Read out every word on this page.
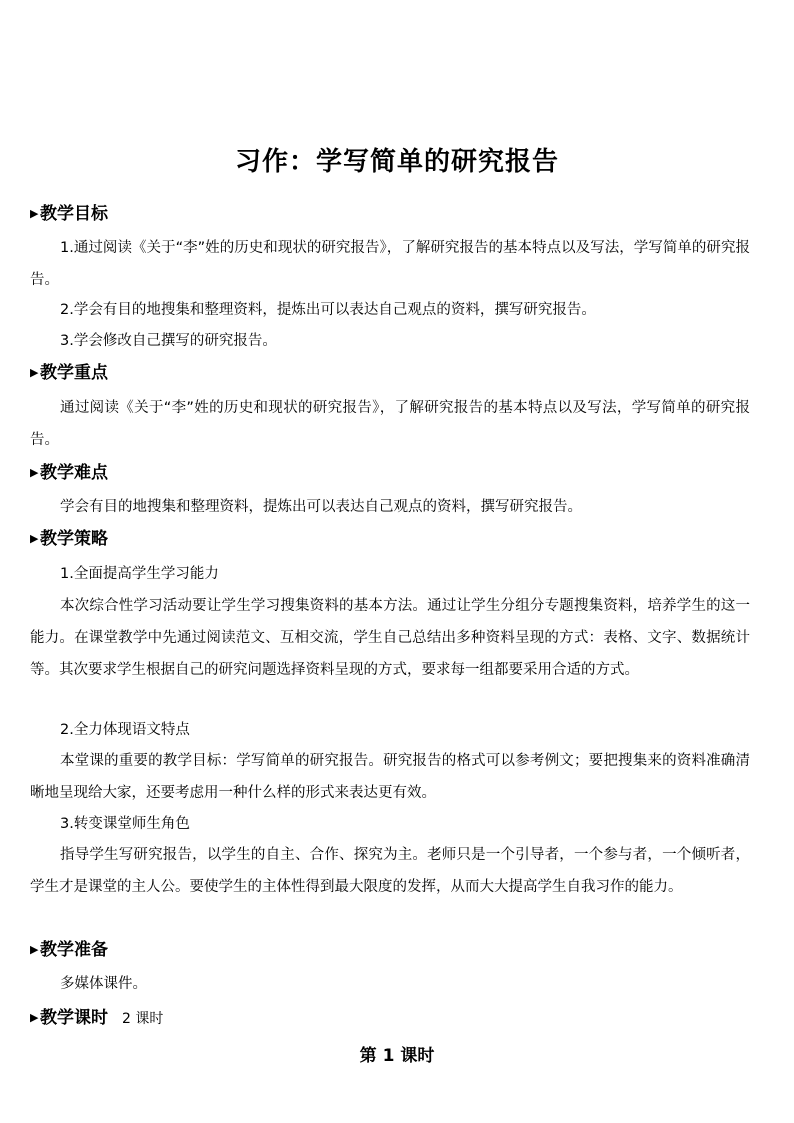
习作：学写简单的研究报告
▶教学目标
1.通过阅读《关于“李”姓的历史和现状的研究报告》，了解研究报告的基本特点以及写法，学写简单的研究报告。
2.学会有目的地搜集和整理资料，提炼出可以表达自己观点的资料，撰写研究报告。
3.学会修改自己撰写的研究报告。
▶教学重点
通过阅读《关于“李”姓的历史和现状的研究报告》，了解研究报告的基本特点以及写法，学写简单的研究报告。
▶教学难点
学会有目的地搜集和整理资料，提炼出可以表达自己观点的资料，撰写研究报告。
▶教学策略
1.全面提高学生学习能力
本次综合性学习活动要让学生学习搜集资料的基本方法。通过让学生分组分专题搜集资料，培养学生的这一能力。在课堂教学中先通过阅读范文、互相交流，学生自己总结出多种资料呈现的方式：表格、文字、数据统计等。其次要求学生根据自己的研究问题选择资料呈现的方式，要求每一组都要采用合适的方式。
2.全力体现语文特点
本堂课的重要的教学目标：学写简单的研究报告。研究报告的格式可以参考例文；要把搜集来的资料准确清晰地呈现给大家，还要考虑用一种什么样的形式来表达更有效。
3.转变课堂师生角色
指导学生写研究报告，以学生的自主、合作、探究为主。老师只是一个引导者，一个参与者，一个倾听者，学生才是课堂的主人公。要使学生的主体性得到最大限度的发挥，从而大大提高学生自我习作的能力。
▶教学准备
多媒体课件。
▶教学课时 2 课时
第 1 课时
